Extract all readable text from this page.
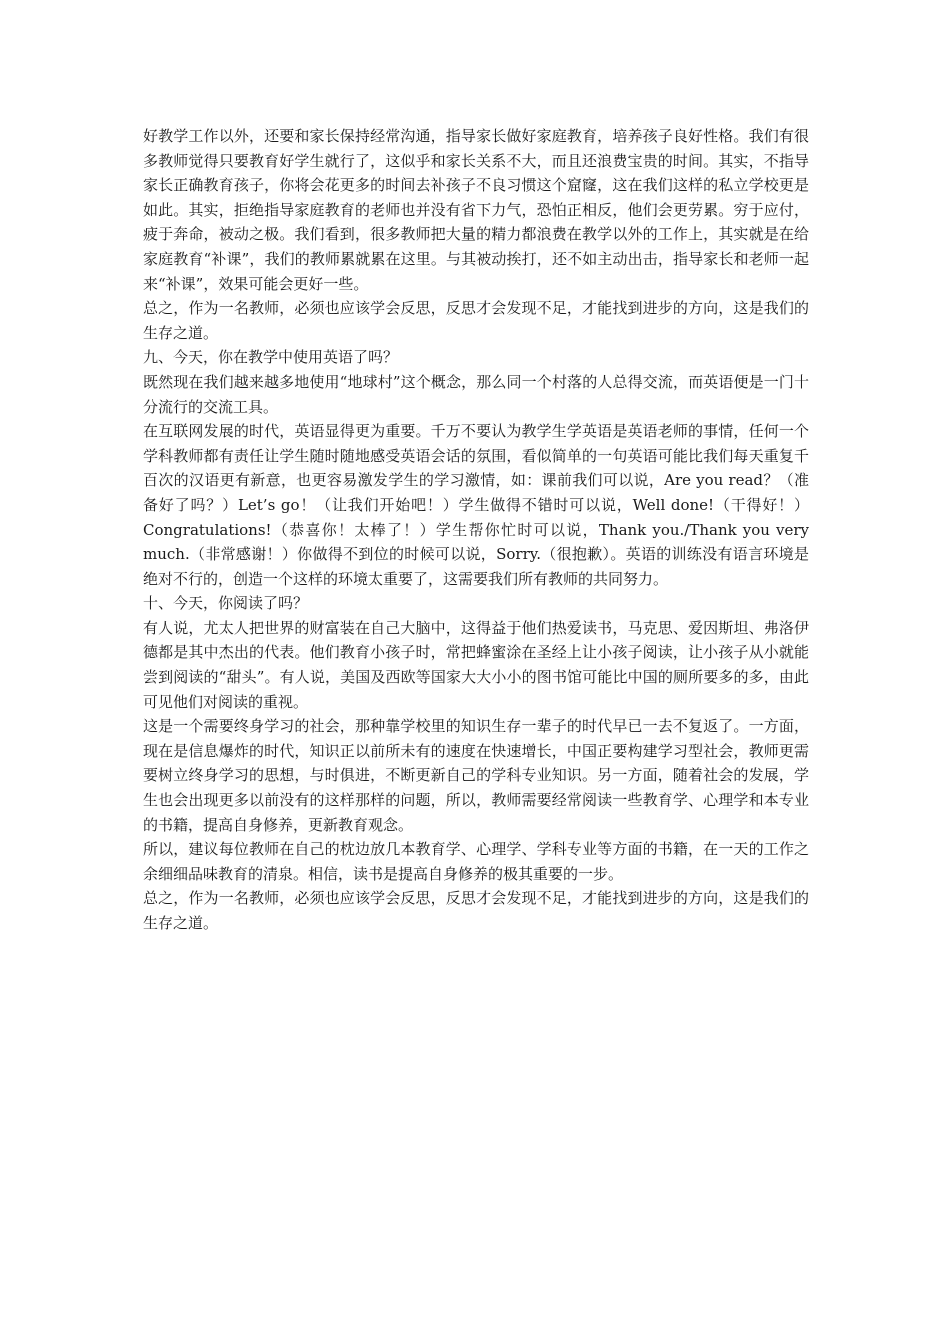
好教学工作以外，还要和家长保持经常沟通，指导家长做好家庭教育，培养孩子良好性格。我们有很多教师觉得只要教育好学生就行了，这似乎和家长关系不大，而且还浪费宝贵的时间。其实，不指导家长正确教育孩子，你将会花更多的时间去补孩子不良习惯这个窟窿，这在我们这样的私立学校更是如此。其实，拒绝指导家庭教育的老师也并没有省下力气，恐怕正相反，他们会更劳累。穷于应付，疲于奔命，被动之极。我们看到，很多教师把大量的精力都浪费在教学以外的工作上，其实就是在给家庭教育“补课”，我们的教师累就累在这里。与其被动挨打，还不如主动出击，指导家长和老师一起来“补课”，效果可能会更好一些。

总之，作为一名教师，必须也应该学会反思，反思才会发现不足，才能找到进步的方向，这是我们的生存之道。

九、今天，你在教学中使用英语了吗？

既然现在我们越来越多地使用“地球村”这个概念，那么同一个村落的人总得交流，而英语便是一门十分流行的交流工具。

在互联网发展的时代，英语显得更为重要。千万不要认为教学生学英语是英语老师的事情，任何一个学科教师都有责任让学生随时随地感受英语会话的氛围，看似简单的一句英语可能比我们每天重复千百次的汉语更有新意，也更容易激发学生的学习激情，如：课前我们可以说，Are you read？（准备好了吗？）Let’s go！（让我们开始吧！）学生做得不错时可以说，Well done!（干得好！）Congratulations!（恭喜你！太棒了！）学生帮你忙时可以说，Thank you./Thank you very much.（非常感谢！）你做得不到位的时候可以说，Sorry.（很抱歉）。英语的训练没有语言环境是绝对不行的，创造一个这样的环境太重要了，这需要我们所有教师的共同努力。

十、今天，你阅读了吗？

有人说，尤太人把世界的财富装在自己大脑中，这得益于他们热爱读书，马克思、爱因斯坦、弗洛伊德都是其中杰出的代表。他们教育小孩子时，常把蜂蜜涂在圣经上让小孩子阅读，让小孩子从小就能尝到阅读的“甜头”。有人说，美国及西欧等国家大大小小的图书馆可能比中国的厕所要多的多，由此可见他们对阅读的重视。

这是一个需要终身学习的社会，那种靠学校里的知识生存一辈子的时代早已一去不复返了。一方面，现在是信息爆炸的时代，知识正以前所未有的速度在快速增长，中国正要构建学习型社会，教师更需要树立终身学习的思想，与时俱进，不断更新自己的学科专业知识。另一方面，随着社会的发展，学生也会出现更多以前没有的这样那样的问题，所以，教师需要经常阅读一些教育学、心理学和本专业的书籍，提高自身修养，更新教育观念。

所以，建议每位教师在自己的枕边放几本教育学、心理学、学科专业等方面的书籍，在一天的工作之余细细品味教育的清泉。相信，读书是提高自身修养的极其重要的一步。

总之，作为一名教师，必须也应该学会反思，反思才会发现不足，才能找到进步的方向，这是我们的生存之道。
